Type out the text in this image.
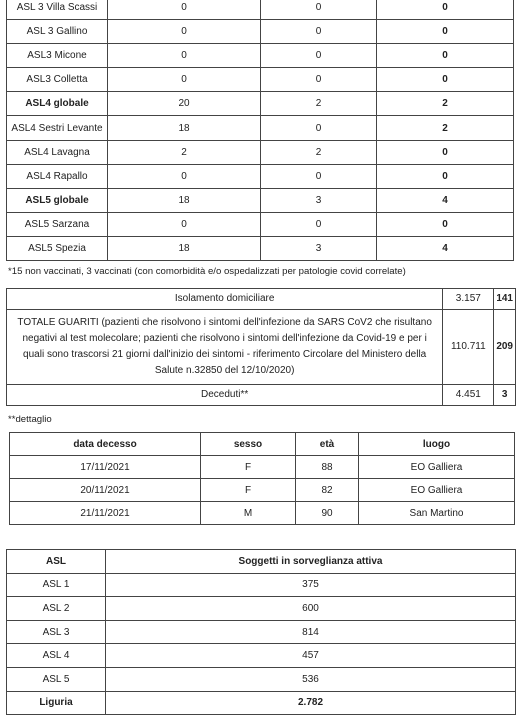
ASL 3 Villa Scassi	0	0	0
ASL 3 Gallino	0	0	0
ASL3 Micone	0	0	0
ASL3 Colletta	0	0	0
ASL4 globale	20	2	2
ASL4 Sestri Levante	18	0	2
ASL4 Lavagna	2	2	0
ASL4 Rapallo	0	0	0
ASL5 globale	18	3	4
ASL5 Sarzana	0	0	0
ASL5 Spezia	18	3	4
*15 non vaccinati, 3 vaccinati (con comorbidità e/o ospedalizzati per patologie covid correlate)
Isolamento domiciliare	3.157	141
TOTALE GUARITI (pazienti che risolvono i sintomi dell'infezione da SARS CoV2 che risultano negativi al test molecolare; pazienti che risolvono i sintomi dell'infezione da Covid-19 e per i quali sono trascorsi 21 giorni dall'inizio dei sintomi - riferimento Circolare del Ministero della Salute n.32850 del 12/10/2020)	110.711	209
Deceduti**	4.451	3
**dettaglio
data decesso	sesso	età	luogo
17/11/2021	F	88	EO Galliera
20/11/2021	F	82	EO Galliera
21/11/2021	M	90	San Martino
ASL	Soggetti in sorveglianza attiva
ASL 1	375
ASL 2	600
ASL 3	814
ASL 4	457
ASL 5	536
Liguria	2.782
